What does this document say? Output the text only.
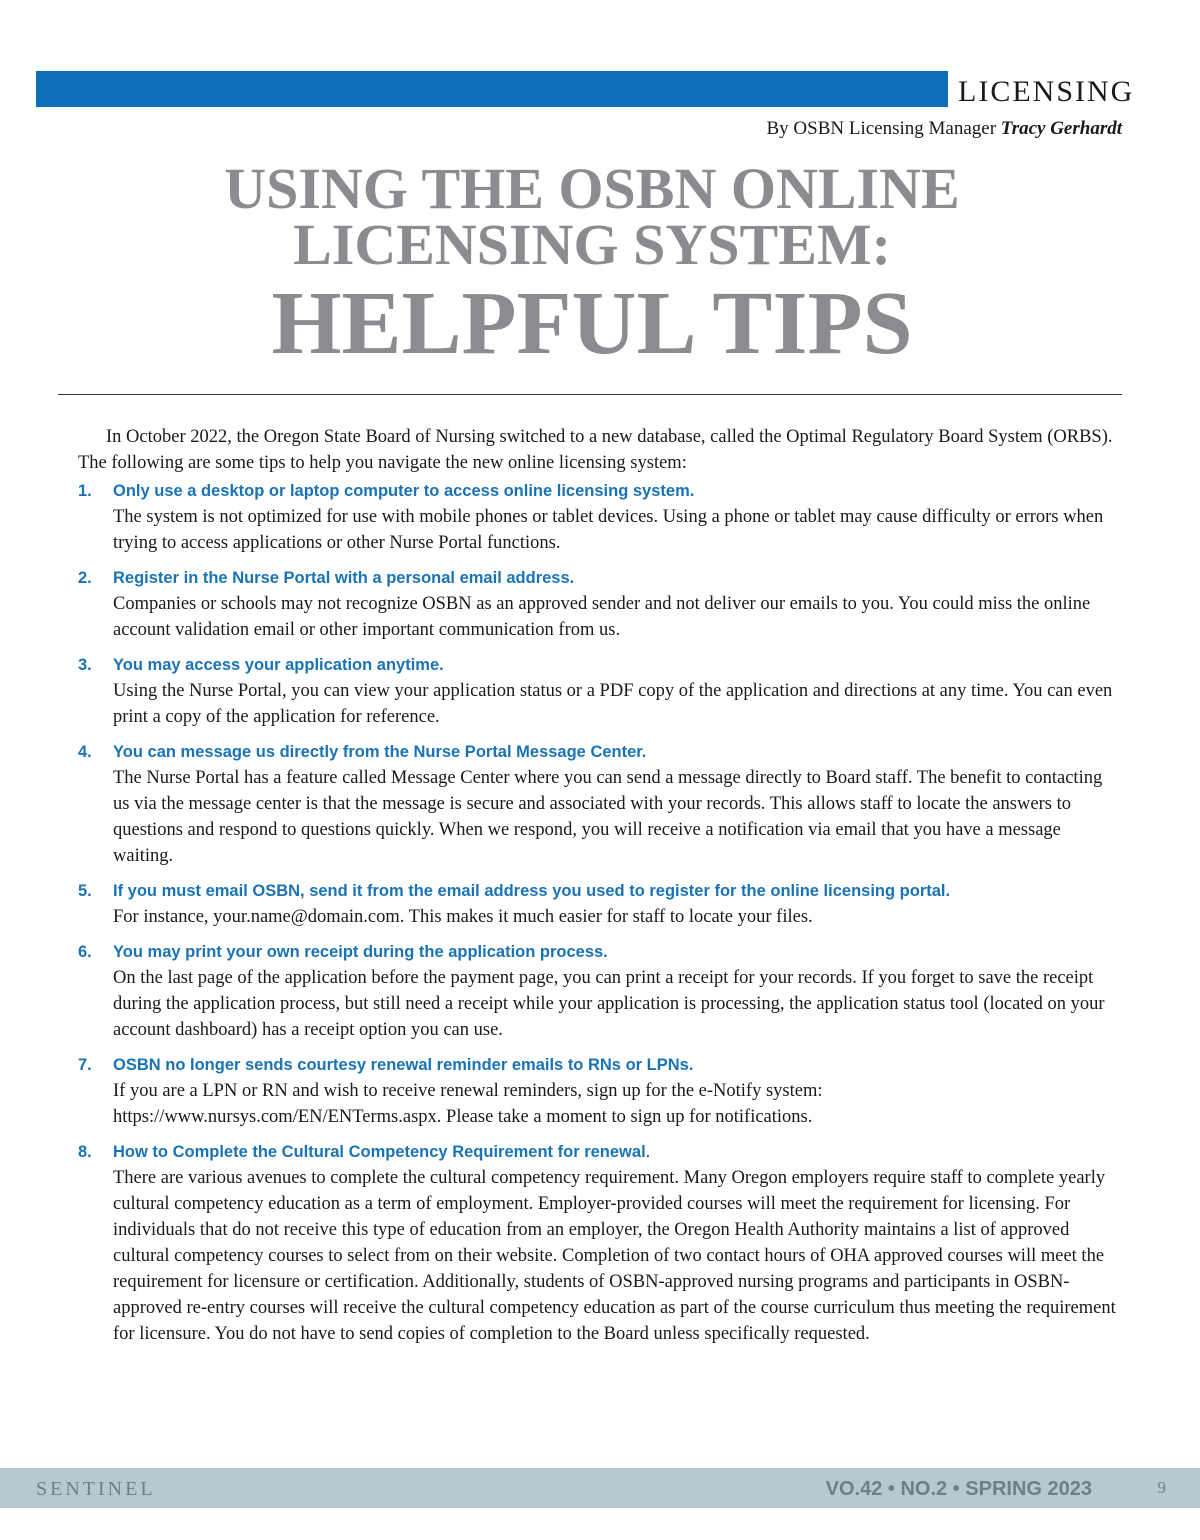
LICENSING
By OSBN Licensing Manager Tracy Gerhardt
USING THE OSBN ONLINE
LICENSING SYSTEM:
HELPFUL TIPS

In October 2022, the Oregon State Board of Nursing switched to a new database, called the Optimal Regulatory Board System (ORBS). The following are some tips to help you navigate the new online licensing system:

1. Only use a desktop or laptop computer to access online licensing system.
The system is not optimized for use with mobile phones or tablet devices. Using a phone or tablet may cause difficulty or errors when trying to access applications or other Nurse Portal functions.
2. Register in the Nurse Portal with a personal email address.
Companies or schools may not recognize OSBN as an approved sender and not deliver our emails to you. You could miss the online account validation email or other important communication from us.
3. You may access your application anytime.
Using the Nurse Portal, you can view your application status or a PDF copy of the application and directions at any time. You can even print a copy of the application for reference.
4. You can message us directly from the Nurse Portal Message Center.
The Nurse Portal has a feature called Message Center where you can send a message directly to Board staff. The benefit to contacting us via the message center is that the message is secure and associated with your records. This allows staff to locate the answers to questions and respond to questions quickly. When we respond, you will receive a notification via email that you have a message waiting.
5. If you must email OSBN, send it from the email address you used to register for the online licensing portal.
For instance, your.name@domain.com. This makes it much easier for staff to locate your files.
6. You may print your own receipt during the application process.
On the last page of the application before the payment page, you can print a receipt for your records. If you forget to save the receipt during the application process, but still need a receipt while your application is processing, the application status tool (located on your account dashboard) has a receipt option you can use.
7. OSBN no longer sends courtesy renewal reminder emails to RNs or LPNs.
If you are a LPN or RN and wish to receive renewal reminders, sign up for the e-Notify system: https://www.nursys.com/EN/ENTerms.aspx. Please take a moment to sign up for notifications.
8. How to Complete the Cultural Competency Requirement for renewal.
There are various avenues to complete the cultural competency requirement. Many Oregon employers require staff to complete yearly cultural competency education as a term of employment. Employer-provided courses will meet the requirement for licensing. For individuals that do not receive this type of education from an employer, the Oregon Health Authority maintains a list of approved cultural competency courses to select from on their website. Completion of two contact hours of OHA approved courses will meet the requirement for licensure or certification. Additionally, students of OSBN-approved nursing programs and participants in OSBN-approved re-entry courses will receive the cultural competency education as part of the course curriculum thus meeting the requirement for licensure. You do not have to send copies of completion to the Board unless specifically requested.
SENTINEL	VO.42 • NO.2 • SPRING 2023	9
